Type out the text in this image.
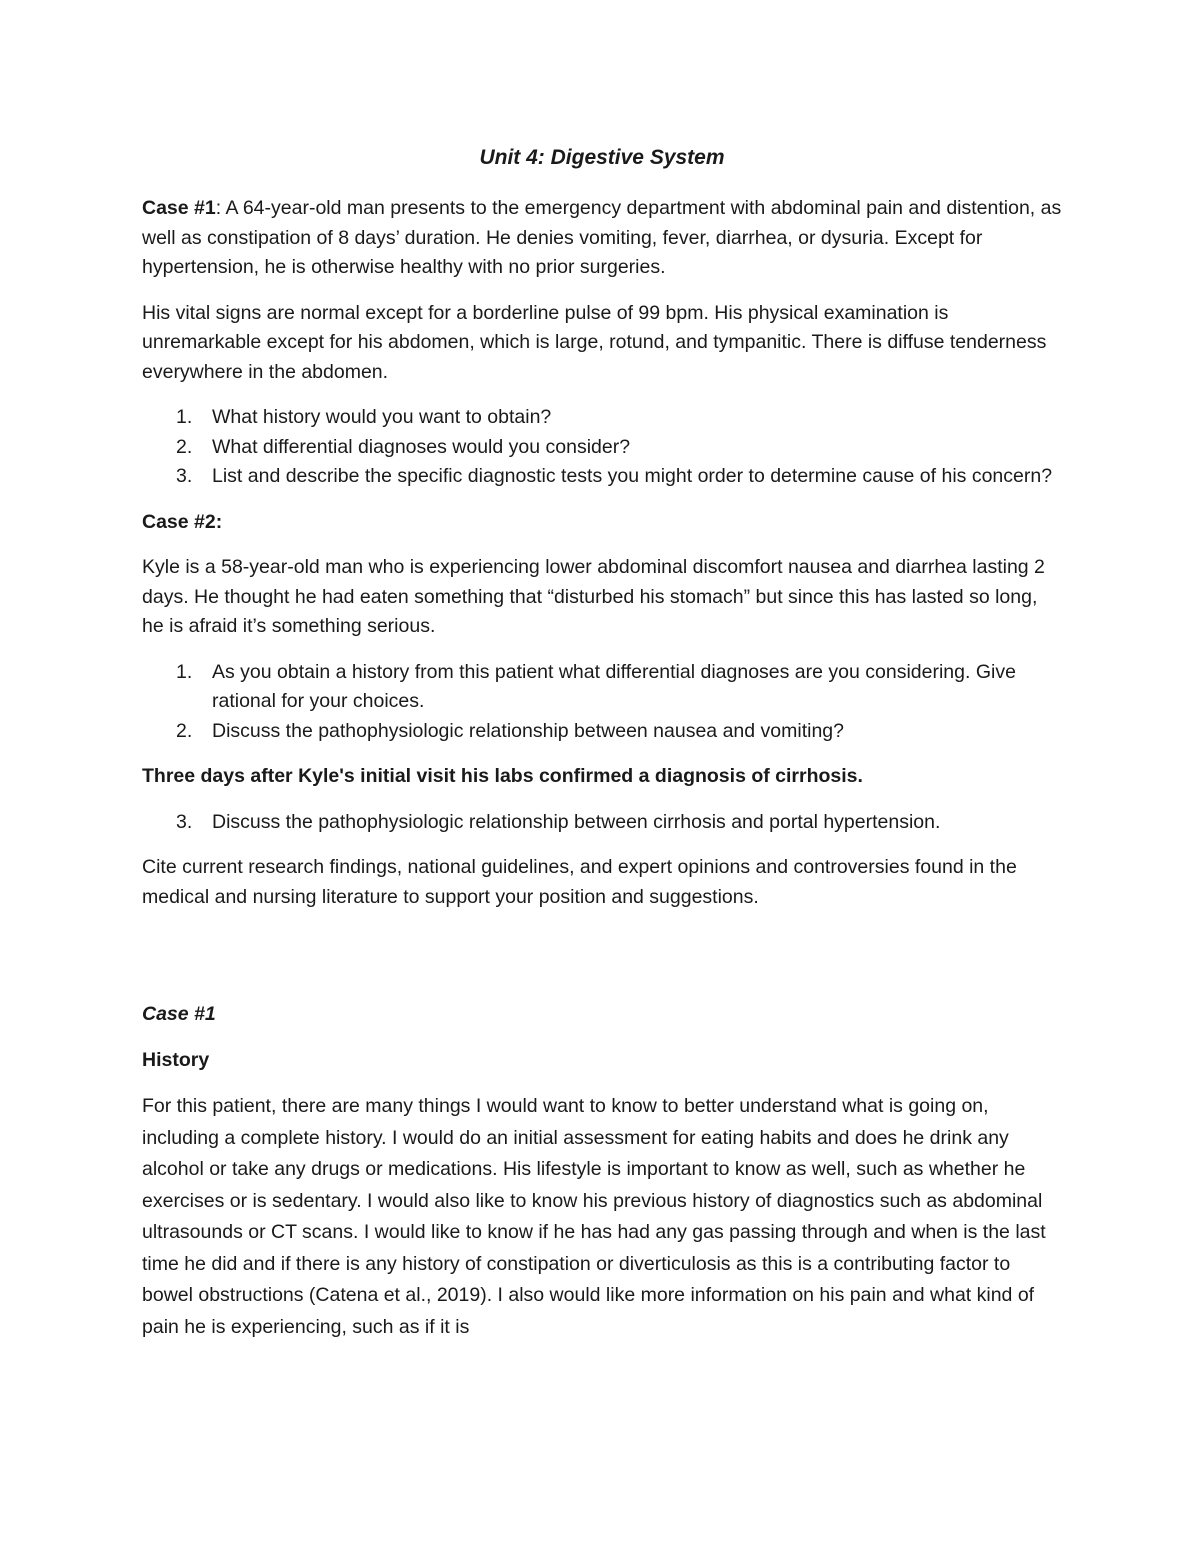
Unit 4: Digestive System

Case #1: A 64-year-old man presents to the emergency department with abdominal pain and distention, as well as constipation of 8 days’ duration. He denies vomiting, fever, diarrhea, or dysuria. Except for hypertension, he is otherwise healthy with no prior surgeries.

His vital signs are normal except for a borderline pulse of 99 bpm. His physical examination is unremarkable except for his abdomen, which is large, rotund, and tympanitic. There is diffuse tenderness everywhere in the abdomen.

1. What history would you want to obtain?
2. What differential diagnoses would you consider?
3. List and describe the specific diagnostic tests you might order to determine cause of his concern?

Case #2:

Kyle is a 58-year-old man who is experiencing lower abdominal discomfort nausea and diarrhea lasting 2 days. He thought he had eaten something that “disturbed his stomach” but since this has lasted so long, he is afraid it’s something serious.

1. As you obtain a history from this patient what differential diagnoses are you considering. Give rational for your choices.
2. Discuss the pathophysiologic relationship between nausea and vomiting?

Three days after Kyle's initial visit his labs confirmed a diagnosis of cirrhosis.

3. Discuss the pathophysiologic relationship between cirrhosis and portal hypertension.

Cite current research findings, national guidelines, and expert opinions and controversies found in the medical and nursing literature to support your position and suggestions.

Case #1

History

For this patient, there are many things I would want to know to better understand what is going on, including a complete history. I would do an initial assessment for eating habits and does he drink any alcohol or take any drugs or medications. His lifestyle is important to know as well, such as whether he exercises or is sedentary. I would also like to know his previous history of diagnostics such as abdominal ultrasounds or CT scans. I would like to know if he has had any gas passing through and when is the last time he did and if there is any history of constipation or diverticulosis as this is a contributing factor to bowel obstructions (Catena et al., 2019). I also would like more information on his pain and what kind of pain he is experiencing, such as if it is
